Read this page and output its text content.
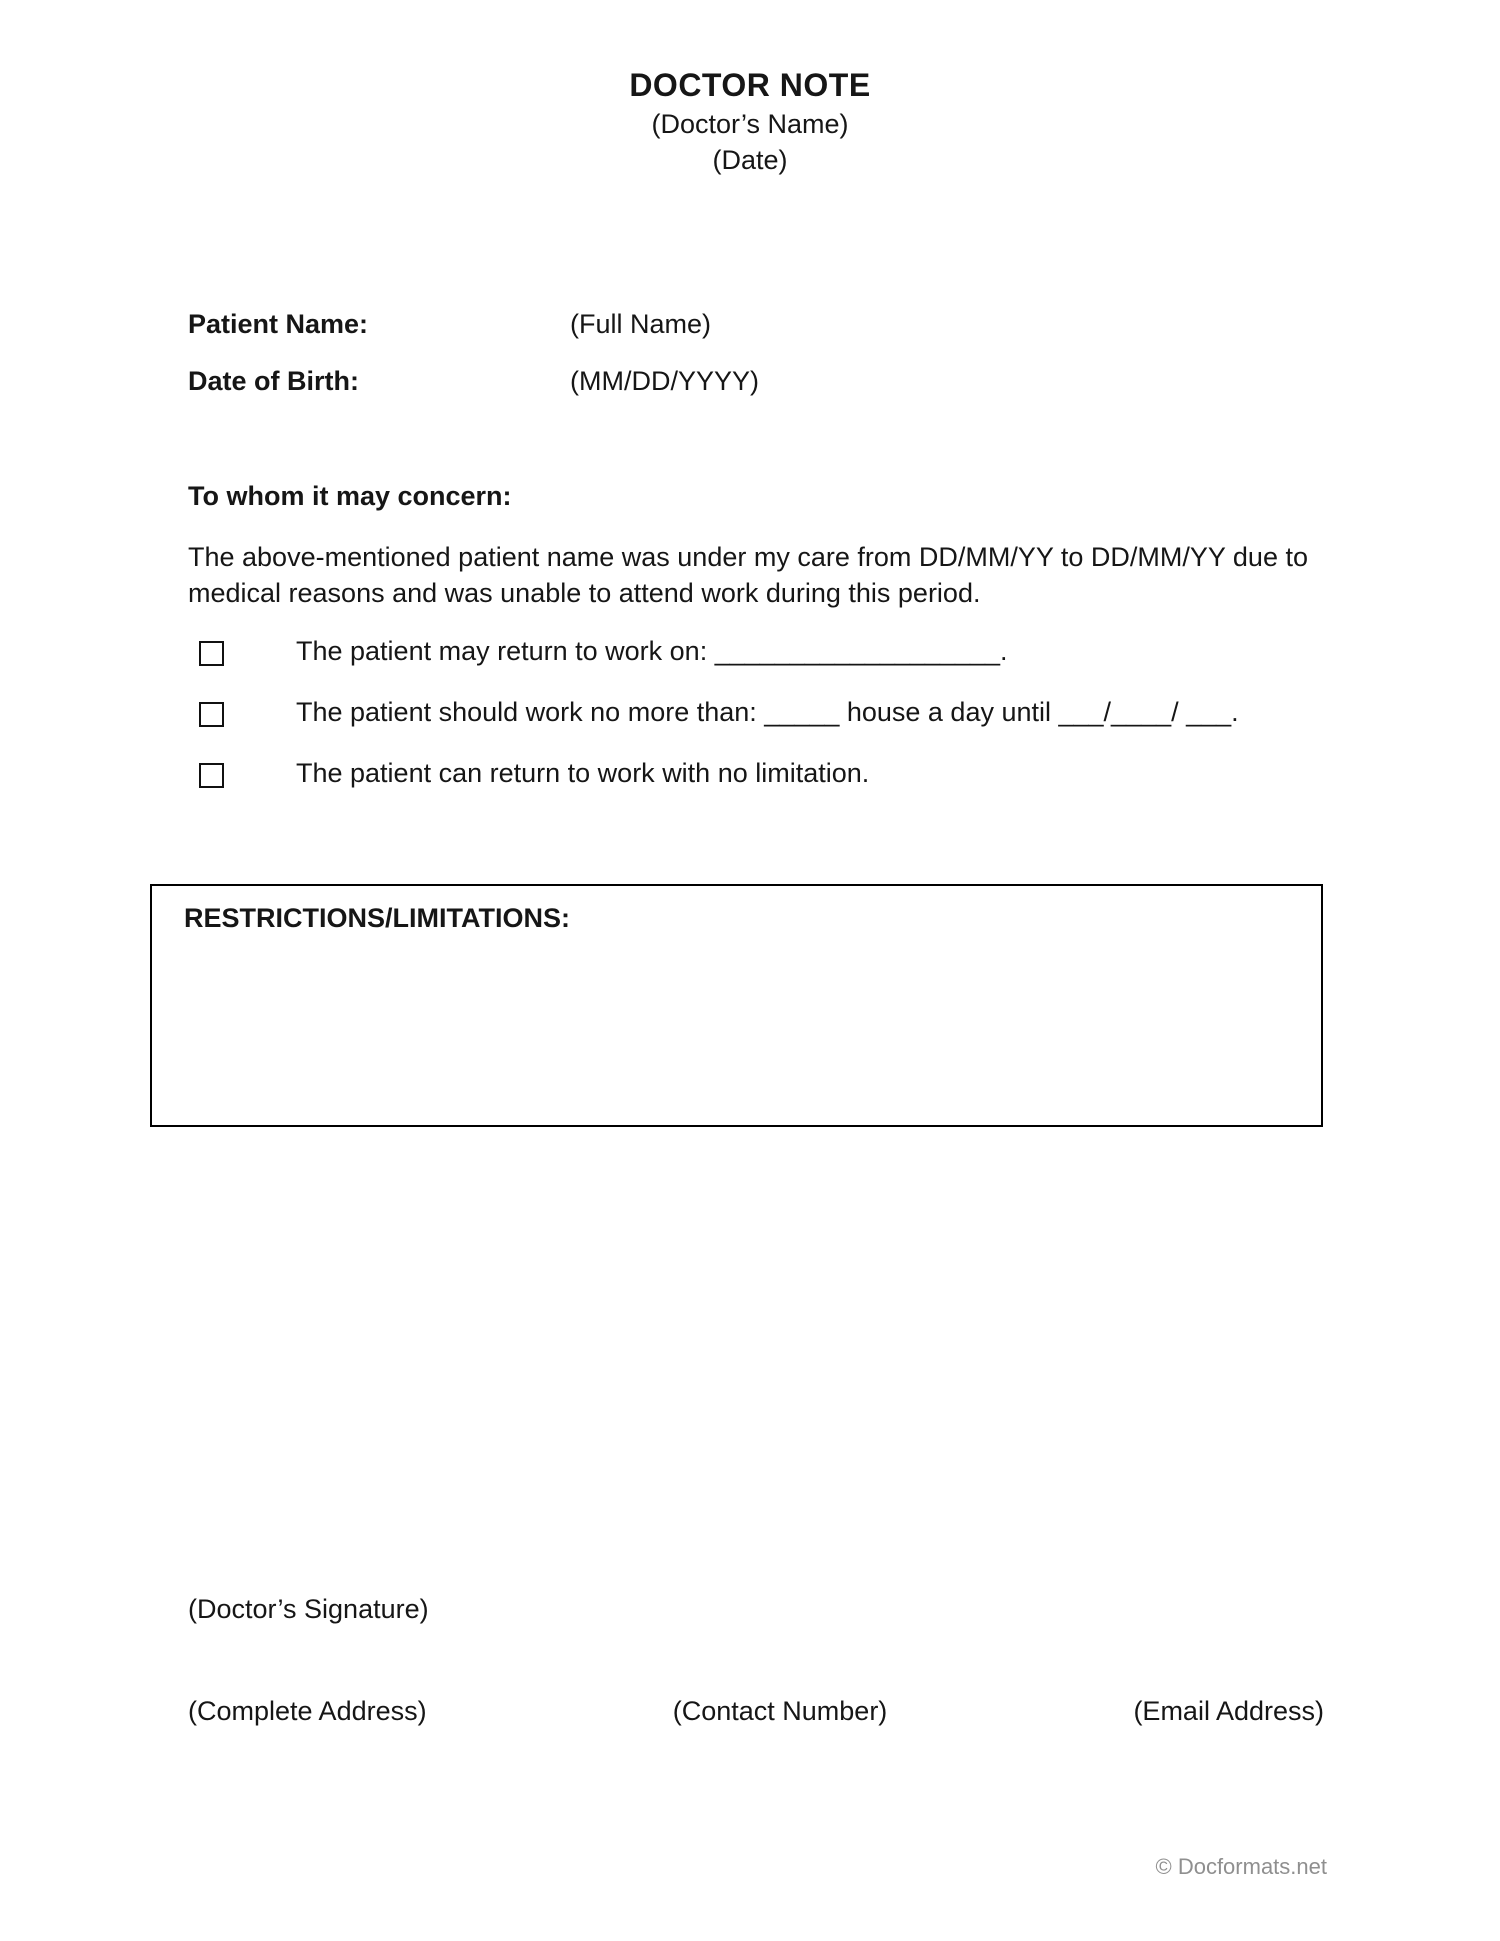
DOCTOR NOTE
(Doctor’s Name)
(Date)
Patient Name:	(Full Name)
Date of Birth:	(MM/DD/YYYY)
To whom it may concern:
The above-mentioned patient name was under my care from DD/MM/YY to DD/MM/YY due to medical reasons and was unable to attend work during this period.
The patient may return to work on: ___________________.
The patient should work no more than: _____ house a day until ___/____/ ___.
The patient can return to work with no limitation.
RESTRICTIONS/LIMITATIONS:
(Doctor’s Signature)
(Complete Address)	(Contact Number)	(Email Address)
© Docformats.net
